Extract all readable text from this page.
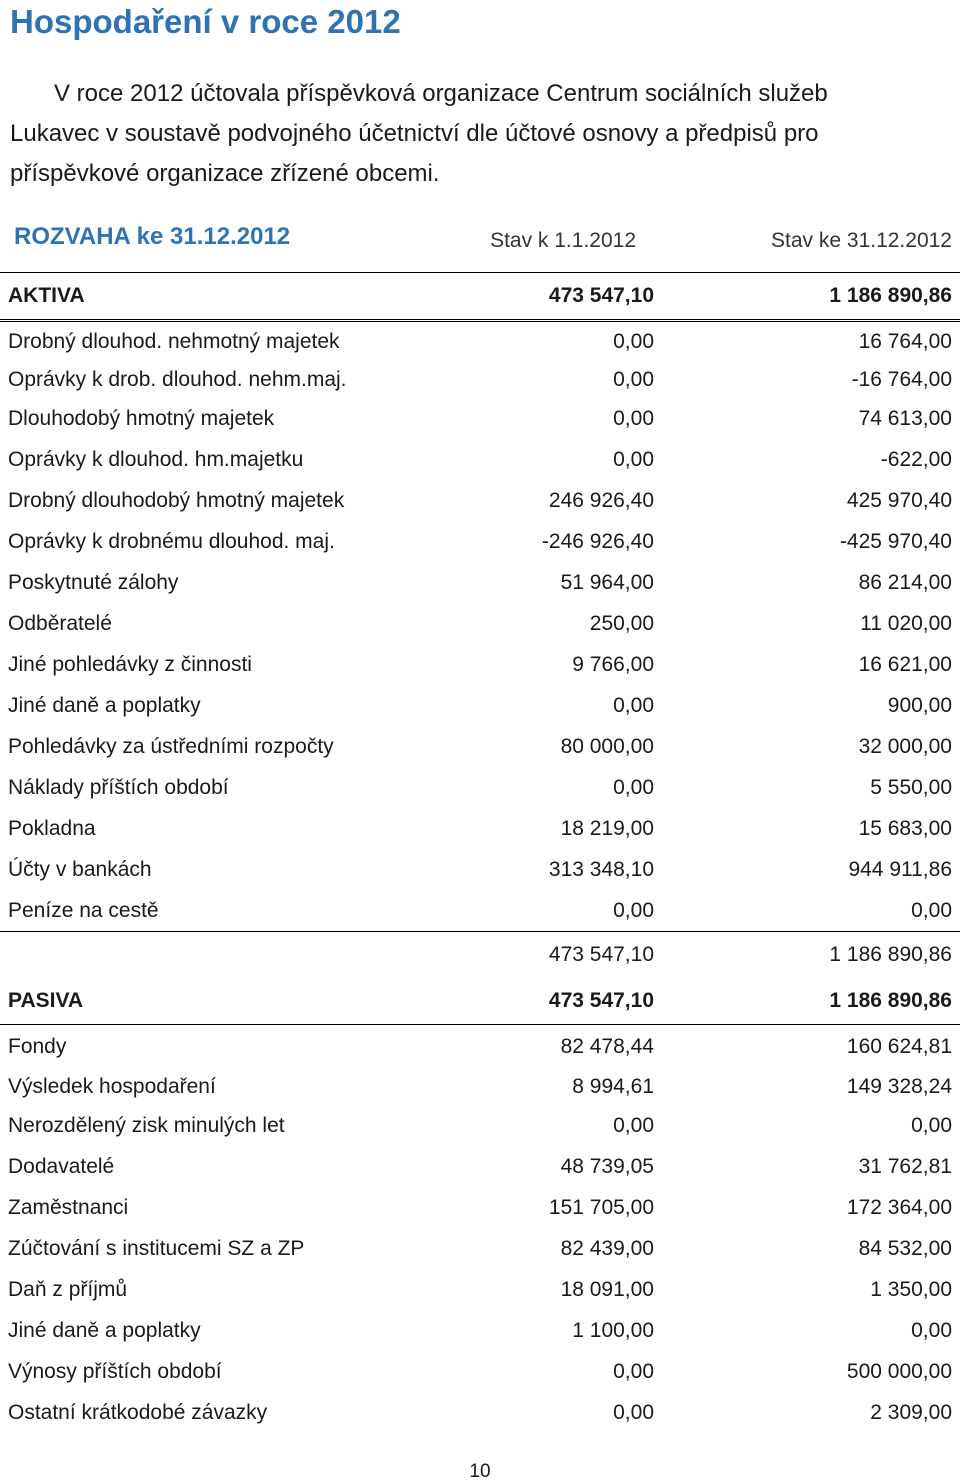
Hospodaření v roce 2012
V roce 2012 účtovala příspěvková organizace Centrum sociálních služeb
Lukavec v soustavě podvojného účetnictví dle účtové osnovy a předpisů pro
příspěvkové organizace zřízené obcemi.
ROZVAHA ke 31.12.2012	Stav k 1.1.2012	Stav ke 31.12.2012
AKTIVA	473 547,10	1 186 890,86
Drobný dlouhod. nehmotný majetek	0,00	16 764,00
Oprávky k drob. dlouhod. nehm.maj.	0,00	-16 764,00
Dlouhodobý hmotný majetek	0,00	74 613,00
Oprávky k dlouhod. hm.majetku	0,00	-622,00
Drobný dlouhodobý hmotný majetek	246 926,40	425 970,40
Oprávky k drobnému dlouhod. maj.	-246 926,40	-425 970,40
Poskytnuté zálohy	51 964,00	86 214,00
Odběratelé	250,00	11 020,00
Jiné pohledávky z činnosti	9 766,00	16 621,00
Jiné daně a poplatky	0,00	900,00
Pohledávky za ústředními rozpočty	80 000,00	32 000,00
Náklady příštích období	0,00	5 550,00
Pokladna	18 219,00	15 683,00
Účty v bankách	313 348,10	944 911,86
Peníze na cestě	0,00	0,00
	473 547,10	1 186 890,86
PASIVA	473 547,10	1 186 890,86
Fondy	82 478,44	160 624,81
Výsledek hospodaření	8 994,61	149 328,24
Nerozdělený zisk minulých let	0,00	0,00
Dodavatelé	48 739,05	31 762,81
Zaměstnanci	151 705,00	172 364,00
Zúčtování s institucemi SZ a ZP	82 439,00	84 532,00
Daň z příjmů	18 091,00	1 350,00
Jiné daně a poplatky	1 100,00	0,00
Výnosy příštích období	0,00	500 000,00
Ostatní krátkodobé závazky	0,00	2 309,00
10
